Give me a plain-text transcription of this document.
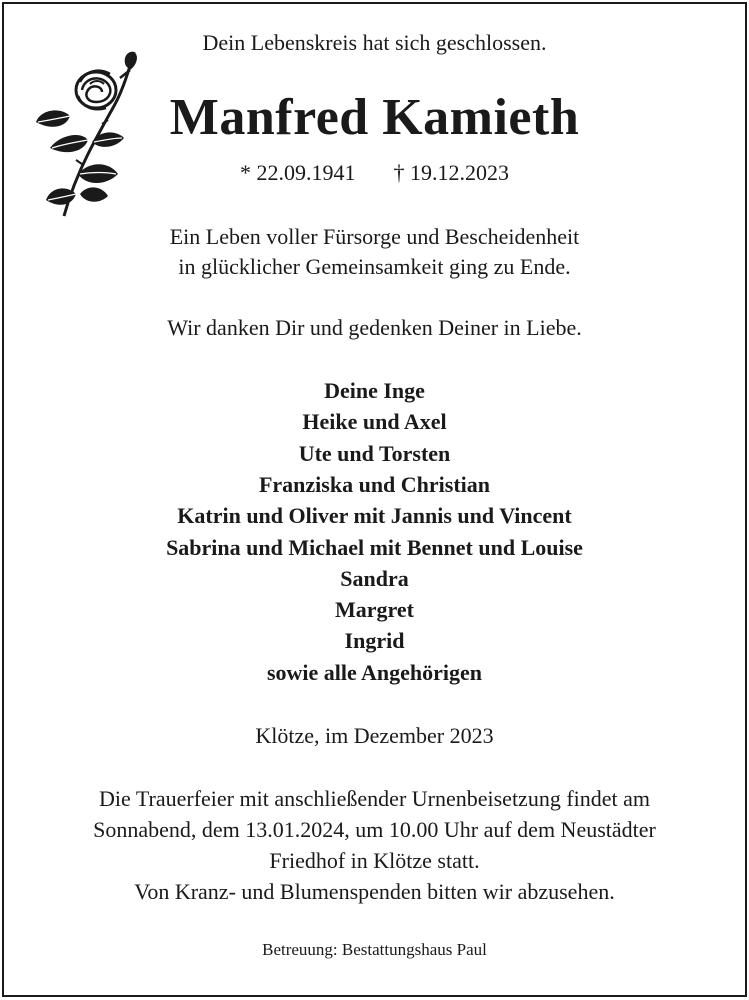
Dein Lebenskreis hat sich geschlossen.
Manfred Kamieth
* 22.09.1941 † 19.12.2023
Ein Leben voller Fürsorge und Bescheidenheit
in glücklicher Gemeinsamkeit ging zu Ende.
Wir danken Dir und gedenken Deiner in Liebe.
Deine Inge
Heike und Axel
Ute und Torsten
Franziska und Christian
Katrin und Oliver mit Jannis und Vincent
Sabrina und Michael mit Bennet und Louise
Sandra
Margret
Ingrid
sowie alle Angehörigen
Klötze, im Dezember 2023
Die Trauerfeier mit anschließender Urnenbeisetzung findet am
Sonnabend, dem 13.01.2024, um 10.00 Uhr auf dem Neustädter
Friedhof in Klötze statt.
Von Kranz- und Blumenspenden bitten wir abzusehen.
Betreuung: Bestattungshaus Paul
